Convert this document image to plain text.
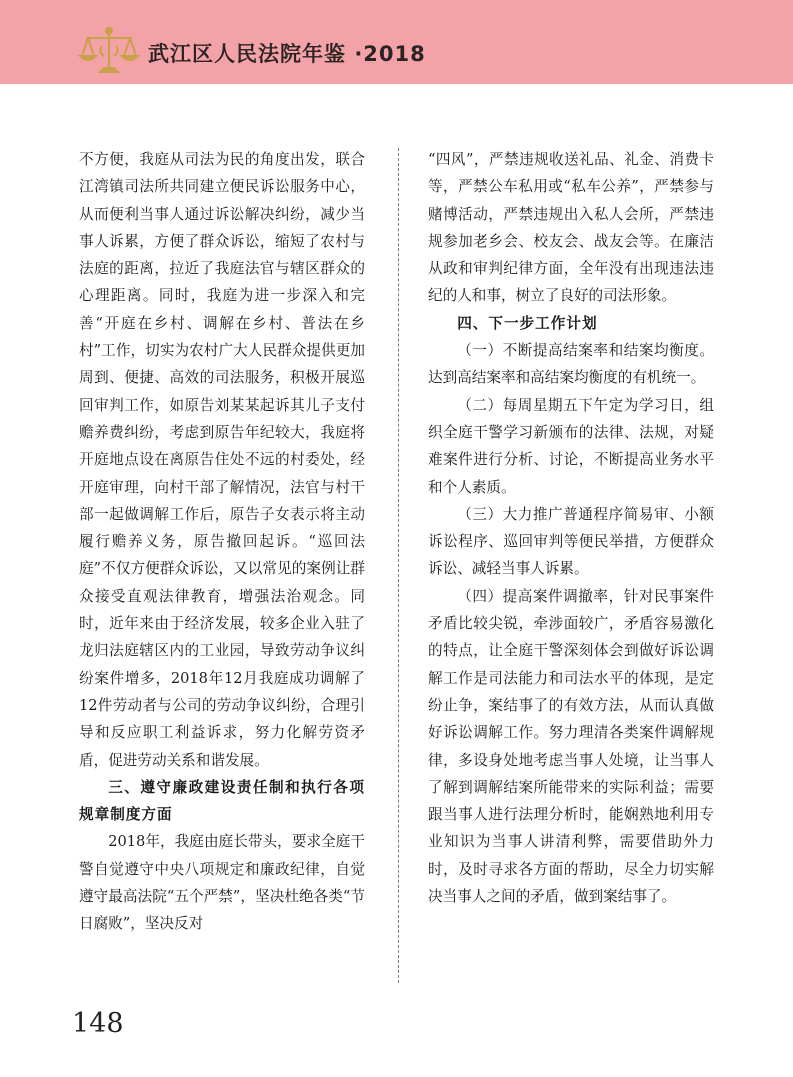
武江区人民法院年鉴 ·2018

不方便，我庭从司法为民的角度出发，联合江湾镇司法所共同建立便民诉讼服务中心，从而便利当事人通过诉讼解决纠纷，减少当事人诉累，方便了群众诉讼，缩短了农村与法庭的距离，拉近了我庭法官与辖区群众的心理距离。同时，我庭为进一步深入和完善“开庭在乡村、调解在乡村、普法在乡村”工作，切实为农村广大人民群众提供更加周到、便捷、高效的司法服务，积极开展巡回审判工作，如原告刘某某起诉其儿子支付赡养费纠纷，考虑到原告年纪较大，我庭将开庭地点设在离原告住处不远的村委处，经开庭审理，向村干部了解情况，法官与村干部一起做调解工作后，原告子女表示将主动履行赡养义务，原告撤回起诉。“巡回法庭”不仅方便群众诉讼，又以常见的案例让群众接受直观法律教育，增强法治观念。同时，近年来由于经济发展，较多企业入驻了龙归法庭辖区内的工业园，导致劳动争议纠纷案件增多，2018年12月我庭成功调解了12件劳动者与公司的劳动争议纠纷，合理引导和反应职工利益诉求，努力化解劳资矛盾，促进劳动关系和谐发展。

三、遵守廉政建设责任制和执行各项规章制度方面

2018年，我庭由庭长带头，要求全庭干警自觉遵守中央八项规定和廉政纪律，自觉遵守最高法院“五个严禁”，坚决杜绝各类“节日腐败”，坚决反对

“四风”，严禁违规收送礼品、礼金、消费卡等，严禁公车私用或“私车公养”，严禁参与赌博活动，严禁违规出入私人会所，严禁违规参加老乡会、校友会、战友会等。在廉洁从政和审判纪律方面，全年没有出现违法违纪的人和事，树立了良好的司法形象。

四、下一步工作计划

（一）不断提高结案率和结案均衡度。达到高结案率和高结案均衡度的有机统一。

（二）每周星期五下午定为学习日，组织全庭干警学习新颁布的法律、法规，对疑难案件进行分析、讨论，不断提高业务水平和个人素质。

（三）大力推广普通程序简易审、小额诉讼程序、巡回审判等便民举措，方便群众诉讼、减轻当事人诉累。

（四）提高案件调撤率，针对民事案件矛盾比较尖锐，牵涉面较广，矛盾容易激化的特点，让全庭干警深刻体会到做好诉讼调解工作是司法能力和司法水平的体现，是定纷止争，案结事了的有效方法，从而认真做好诉讼调解工作。努力理清各类案件调解规律，多设身处地考虑当事人处境，让当事人了解到调解结案所能带来的实际利益；需要跟当事人进行法理分析时，能娴熟地利用专业知识为当事人讲清利弊，需要借助外力时，及时寻求各方面的帮助，尽全力切实解决当事人之间的矛盾，做到案结事了。

148
